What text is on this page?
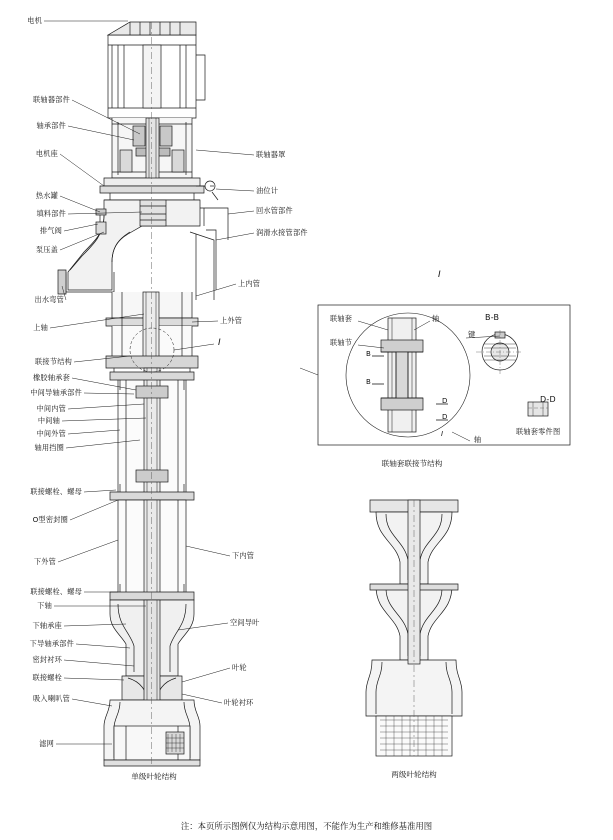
电机
联轴器部件
轴承部件
电机座
热水罐
填料部件
排气阀
泵压盖
出水弯管
上轴
联接节结构
橡胶轴承套
中间导轴承部件
中间内管
中间轴
中间外管
轴用挡圈
联接螺栓、螺母
O型密封圈
下外管
联接螺栓、螺母
下轴
下轴承座
下导轴承部件
密封衬环
联接螺栓
吸入喇叭管
滤网
联轴器罩
油位计
回水管部件
润滑水接管部件
上内管
上外管
下内管
空间导叶
叶轮
叶轮衬环
I
I
联轴套
联轴节
轴
键
轴
B-B
D-D
联轴套零件图
B
B
D
D
I
联轴套联接节结构
单级叶轮结构	两级叶轮结构
注：本页所示图例仅为结构示意用图，不能作为生产和维修基准用图
